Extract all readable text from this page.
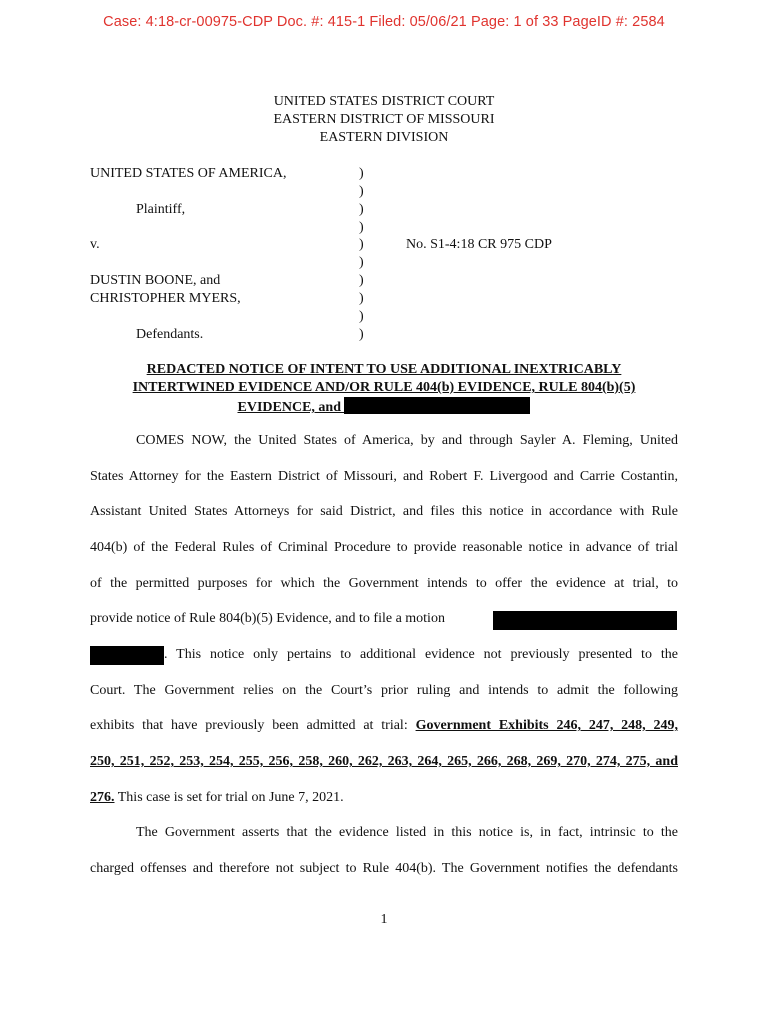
Case: 4:18-cr-00975-CDP Doc. #: 415-1 Filed: 05/06/21 Page: 1 of 33 PageID #: 2584
UNITED STATES DISTRICT COURT
EASTERN DISTRICT OF MISSOURI
EASTERN DIVISION
UNITED STATES OF AMERICA,
Plaintiff,
v.	No. S1-4:18 CR 975 CDP
DUSTIN BOONE, and
CHRISTOPHER MYERS,
Defendants.
)
)
)
)
)
)
)
)
)
)
REDACTED NOTICE OF INTENT TO USE ADDITIONAL INEXTRICABLY
INTERTWINED EVIDENCE AND/OR RULE 404(b) EVIDENCE, RULE 804(b)(5)
EVIDENCE, and
COMES NOW, the United States of America, by and through Sayler A. Fleming, United
States Attorney for the Eastern District of Missouri, and Robert F. Livergood and Carrie Costantin,
Assistant United States Attorneys for said District, and files this notice in accordance with Rule
404(b) of the Federal Rules of Criminal Procedure to provide reasonable notice in advance of trial
of the permitted purposes for which the Government intends to offer the evidence at trial, to
provide notice of Rule 804(b)(5) Evidence, and to file a motion
. This notice only pertains to additional evidence not previously presented to the
Court. The Government relies on the Court’s prior ruling and intends to admit the following
exhibits that have previously been admitted at trial: Government Exhibits 246, 247, 248, 249,
250, 251, 252, 253, 254, 255, 256, 258, 260, 262, 263, 264, 265, 266, 268, 269, 270, 274, 275, and
276. This case is set for trial on June 7, 2021.
The Government asserts that the evidence listed in this notice is, in fact, intrinsic to the
charged offenses and therefore not subject to Rule 404(b). The Government notifies the defendants
1
